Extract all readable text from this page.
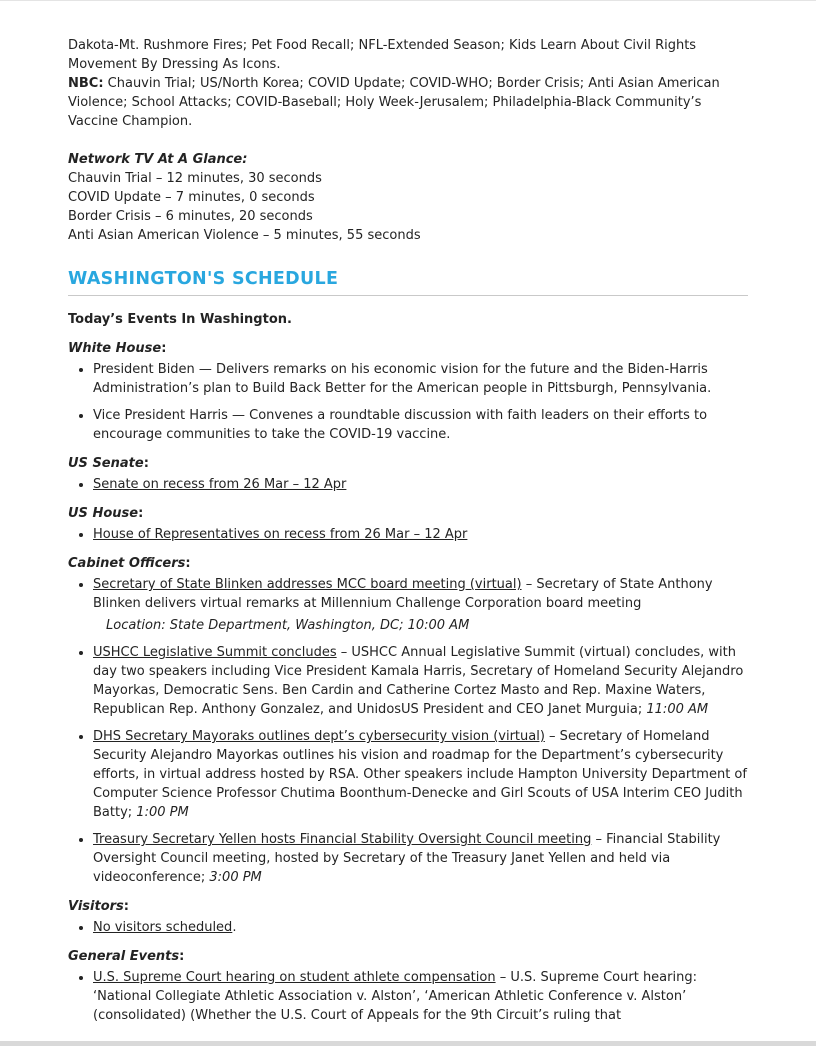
Dakota-Mt. Rushmore Fires; Pet Food Recall; NFL-Extended Season; Kids Learn About Civil Rights Movement By Dressing As Icons.

NBC: Chauvin Trial; US/North Korea; COVID Update; COVID-WHO; Border Crisis; Anti Asian American Violence; School Attacks; COVID-Baseball; Holy Week-Jerusalem; Philadelphia-Black Community’s Vaccine Champion.

Network TV At A Glance:

Chauvin Trial – 12 minutes, 30 seconds
COVID Update – 7 minutes, 0 seconds
Border Crisis – 6 minutes, 20 seconds
Anti Asian American Violence – 5 minutes, 55 seconds
WASHINGTON'S SCHEDULE

Today’s Events In Washington.

White House:

• President Biden — Delivers remarks on his economic vision for the future and the Biden-Harris Administration’s plan to Build Back Better for the American people in Pittsburgh, Pennsylvania.
• Vice President Harris — Convenes a roundtable discussion with faith leaders on their efforts to encourage communities to take the COVID-19 vaccine.

US Senate:

• Senate on recess from 26 Mar – 12 Apr

US House:

• House of Representatives on recess from 26 Mar – 12 Apr

Cabinet Officers:

• Secretary of State Blinken addresses MCC board meeting (virtual) – Secretary of State Anthony Blinken delivers virtual remarks at Millennium Challenge Corporation board meeting
Location: State Department, Washington, DC; 10:00 AM
• USHCC Legislative Summit concludes – USHCC Annual Legislative Summit (virtual) concludes, with day two speakers including Vice President Kamala Harris, Secretary of Homeland Security Alejandro Mayorkas, Democratic Sens. Ben Cardin and Catherine Cortez Masto and Rep. Maxine Waters, Republican Rep. Anthony Gonzalez, and UnidosUS President and CEO Janet Murguia; 11:00 AM
• DHS Secretary Mayoraks outlines dept’s cybersecurity vision (virtual) – Secretary of Homeland Security Alejandro Mayorkas outlines his vision and roadmap for the Department’s cybersecurity efforts, in virtual address hosted by RSA. Other speakers include Hampton University Department of Computer Science Professor Chutima Boonthum-Denecke and Girl Scouts of USA Interim CEO Judith Batty; 1:00 PM
• Treasury Secretary Yellen hosts Financial Stability Oversight Council meeting – Financial Stability Oversight Council meeting, hosted by Secretary of the Treasury Janet Yellen and held via videoconference; 3:00 PM

Visitors:

• No visitors scheduled.

General Events:

• U.S. Supreme Court hearing on student athlete compensation – U.S. Supreme Court hearing: ‘National Collegiate Athletic Association v. Alston’, ‘American Athletic Conference v. Alston’ (consolidated) (Whether the U.S. Court of Appeals for the 9th Circuit’s ruling that
